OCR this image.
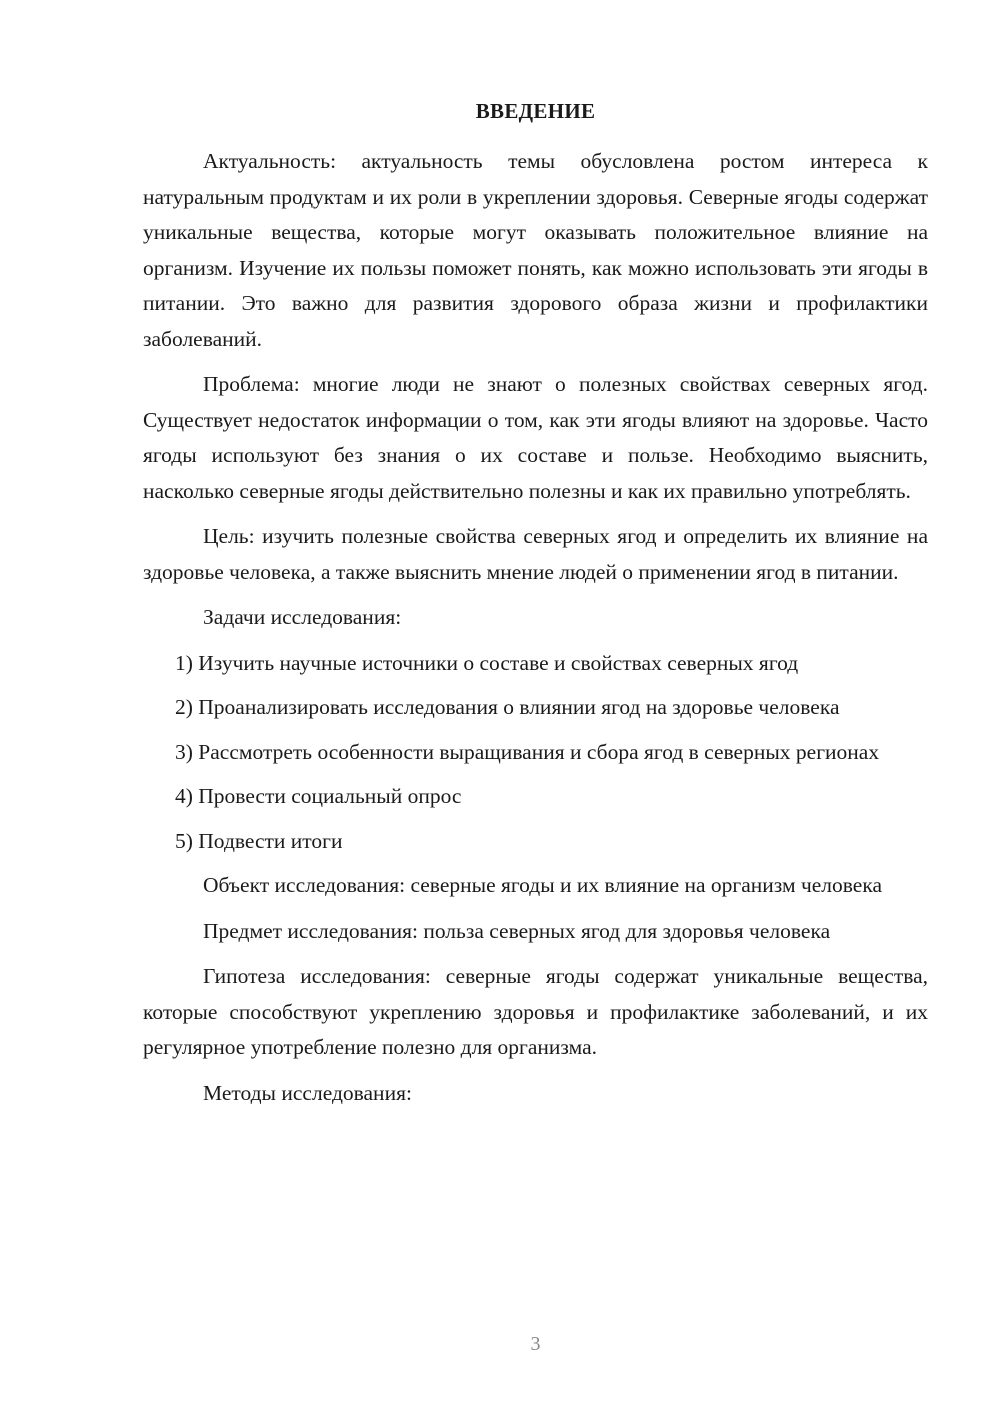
ВВЕДЕНИЕ

Актуальность: актуальность темы обусловлена ростом интереса к натуральным продуктам и их роли в укреплении здоровья. Северные ягоды содержат уникальные вещества, которые могут оказывать положительное влияние на организм. Изучение их пользы поможет понять, как можно использовать эти ягоды в питании. Это важно для развития здорового образа жизни и профилактики заболеваний.

Проблема: многие люди не знают о полезных свойствах северных ягод. Существует недостаток информации о том, как эти ягоды влияют на здоровье. Часто ягоды используют без знания о их составе и пользе. Необходимо выяснить, насколько северные ягоды действительно полезны и как их правильно употреблять.

Цель: изучить полезные свойства северных ягод и определить их влияние на здоровье человека, а также выяснить мнение людей о применении ягод в питании.

Задачи исследования:

1) Изучить научные источники о составе и свойствах северных ягод

2) Проанализировать исследования о влиянии ягод на здоровье человека

3) Рассмотреть особенности выращивания и сбора ягод в северных регионах

4) Провести социальный опрос

5) Подвести итоги

Объект исследования: северные ягоды и их влияние на организм человека

Предмет исследования: польза северных ягод для здоровья человека

Гипотеза исследования: северные ягоды содержат уникальные вещества, которые способствуют укреплению здоровья и профилактике заболеваний, и их регулярное употребление полезно для организма.

Методы исследования:

3
